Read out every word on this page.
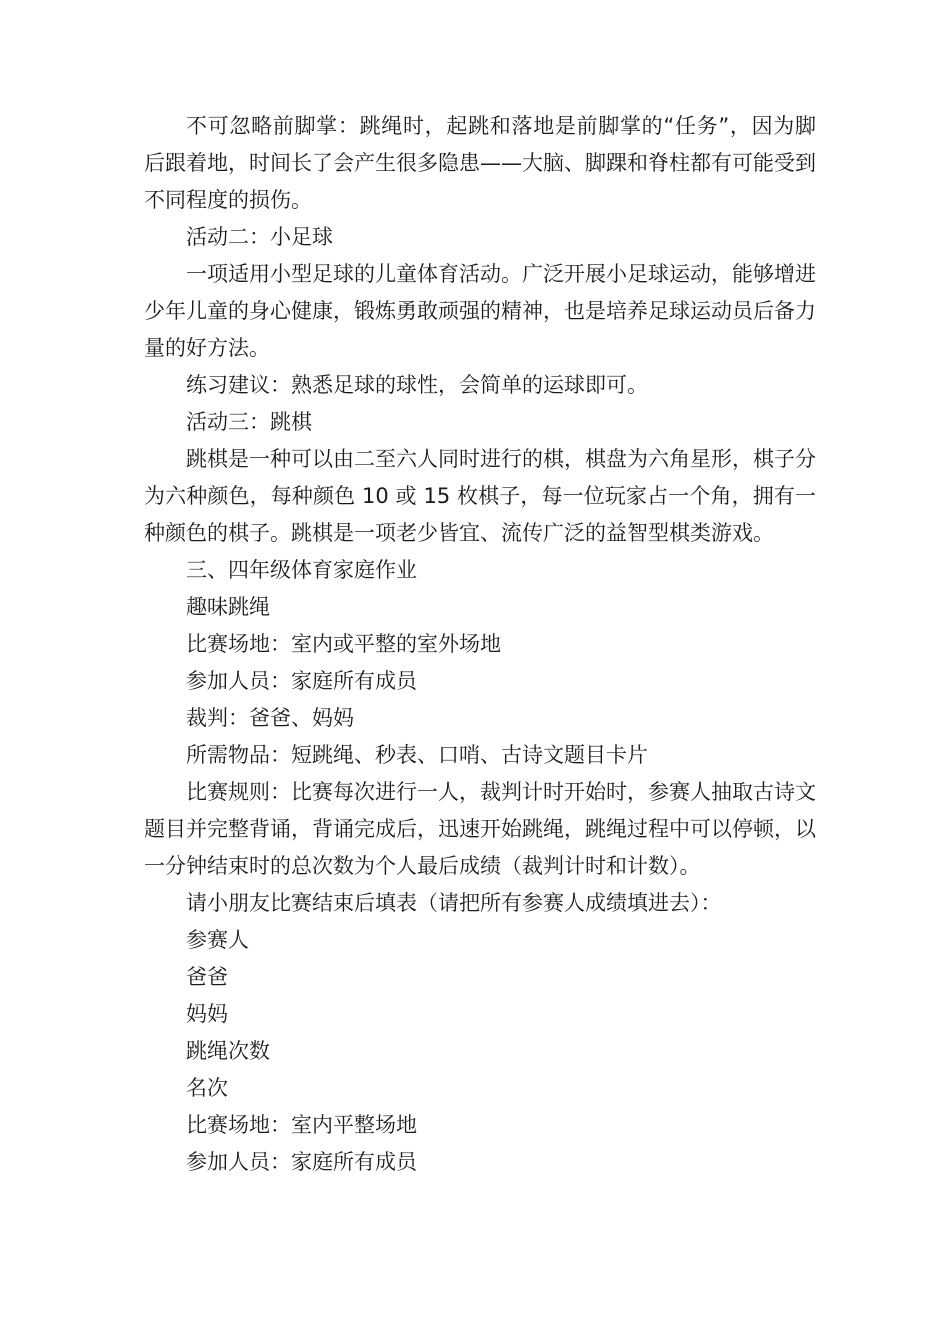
不可忽略前脚掌：跳绳时，起跳和落地是前脚掌的“任务”，因为脚后跟着地，时间长了会产生很多隐患——大脑、脚踝和脊柱都有可能受到不同程度的损伤。

活动二：小足球

一项适用小型足球的儿童体育活动。广泛开展小足球运动，能够增进少年儿童的身心健康，锻炼勇敢顽强的精神，也是培养足球运动员后备力量的好方法。

练习建议：熟悉足球的球性，会简单的运球即可。

活动三：跳棋

跳棋是一种可以由二至六人同时进行的棋，棋盘为六角星形，棋子分为六种颜色，每种颜色 10 或 15 枚棋子，每一位玩家占一个角，拥有一种颜色的棋子。跳棋是一项老少皆宜、流传广泛的益智型棋类游戏。

三、四年级体育家庭作业

趣味跳绳

比赛场地：室内或平整的室外场地

参加人员：家庭所有成员

裁判：爸爸、妈妈

所需物品：短跳绳、秒表、口哨、古诗文题目卡片

比赛规则：比赛每次进行一人，裁判计时开始时，参赛人抽取古诗文题目并完整背诵，背诵完成后，迅速开始跳绳，跳绳过程中可以停顿，以一分钟结束时的总次数为个人最后成绩（裁判计时和计数）。

请小朋友比赛结束后填表（请把所有参赛人成绩填进去）：

参赛人

爸爸

妈妈

跳绳次数

名次

比赛场地：室内平整场地

参加人员：家庭所有成员
